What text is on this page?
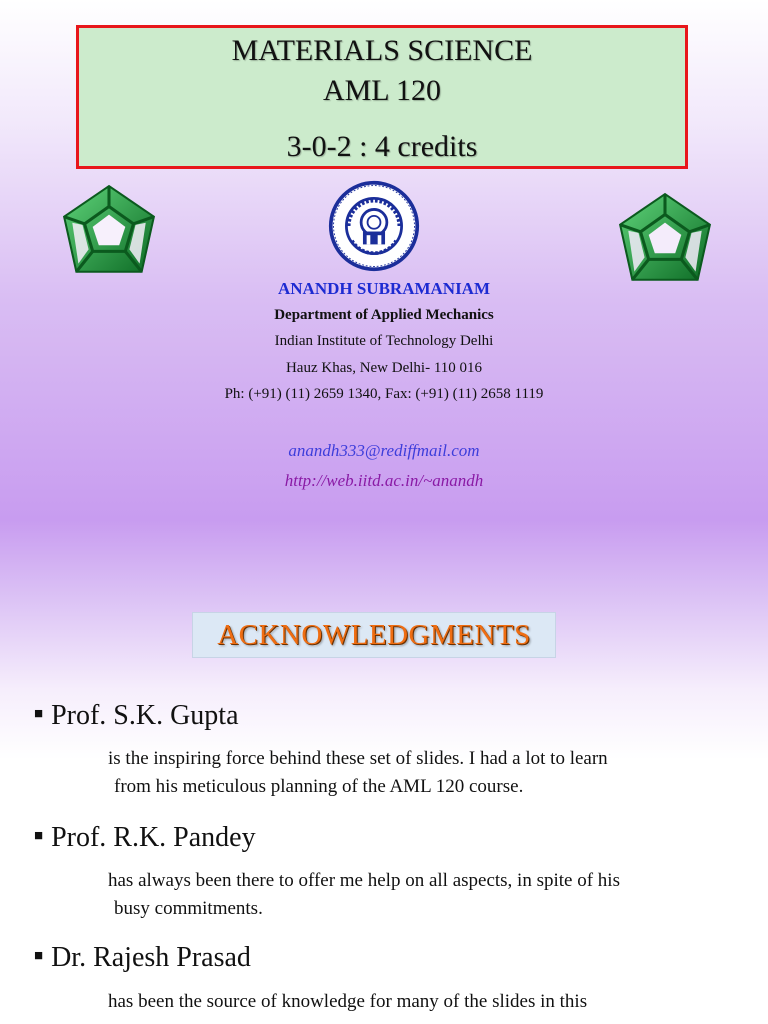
MATERIALS SCIENCE
AML 120
3-0-2 : 4 credits
ANANDH SUBRAMANIAM
Department of Applied Mechanics
Indian Institute of Technology Delhi
Hauz Khas, New Delhi- 110 016
Ph: (+91) (11) 2659 1340, Fax: (+91) (11) 2658 1119
anandh333@rediffmail.com
http://web.iitd.ac.in/~anandh
ACKNOWLEDGMENTS
■ Prof. S.K. Gupta
is the inspiring force behind these set of slides. I had a lot to learn
from his meticulous planning of the AML 120 course.
■ Prof. R.K. Pandey
has always been there to offer me help on all aspects, in spite of his
busy commitments.
■ Dr. Rajesh Prasad
has been the source of knowledge for many of the slides in this
